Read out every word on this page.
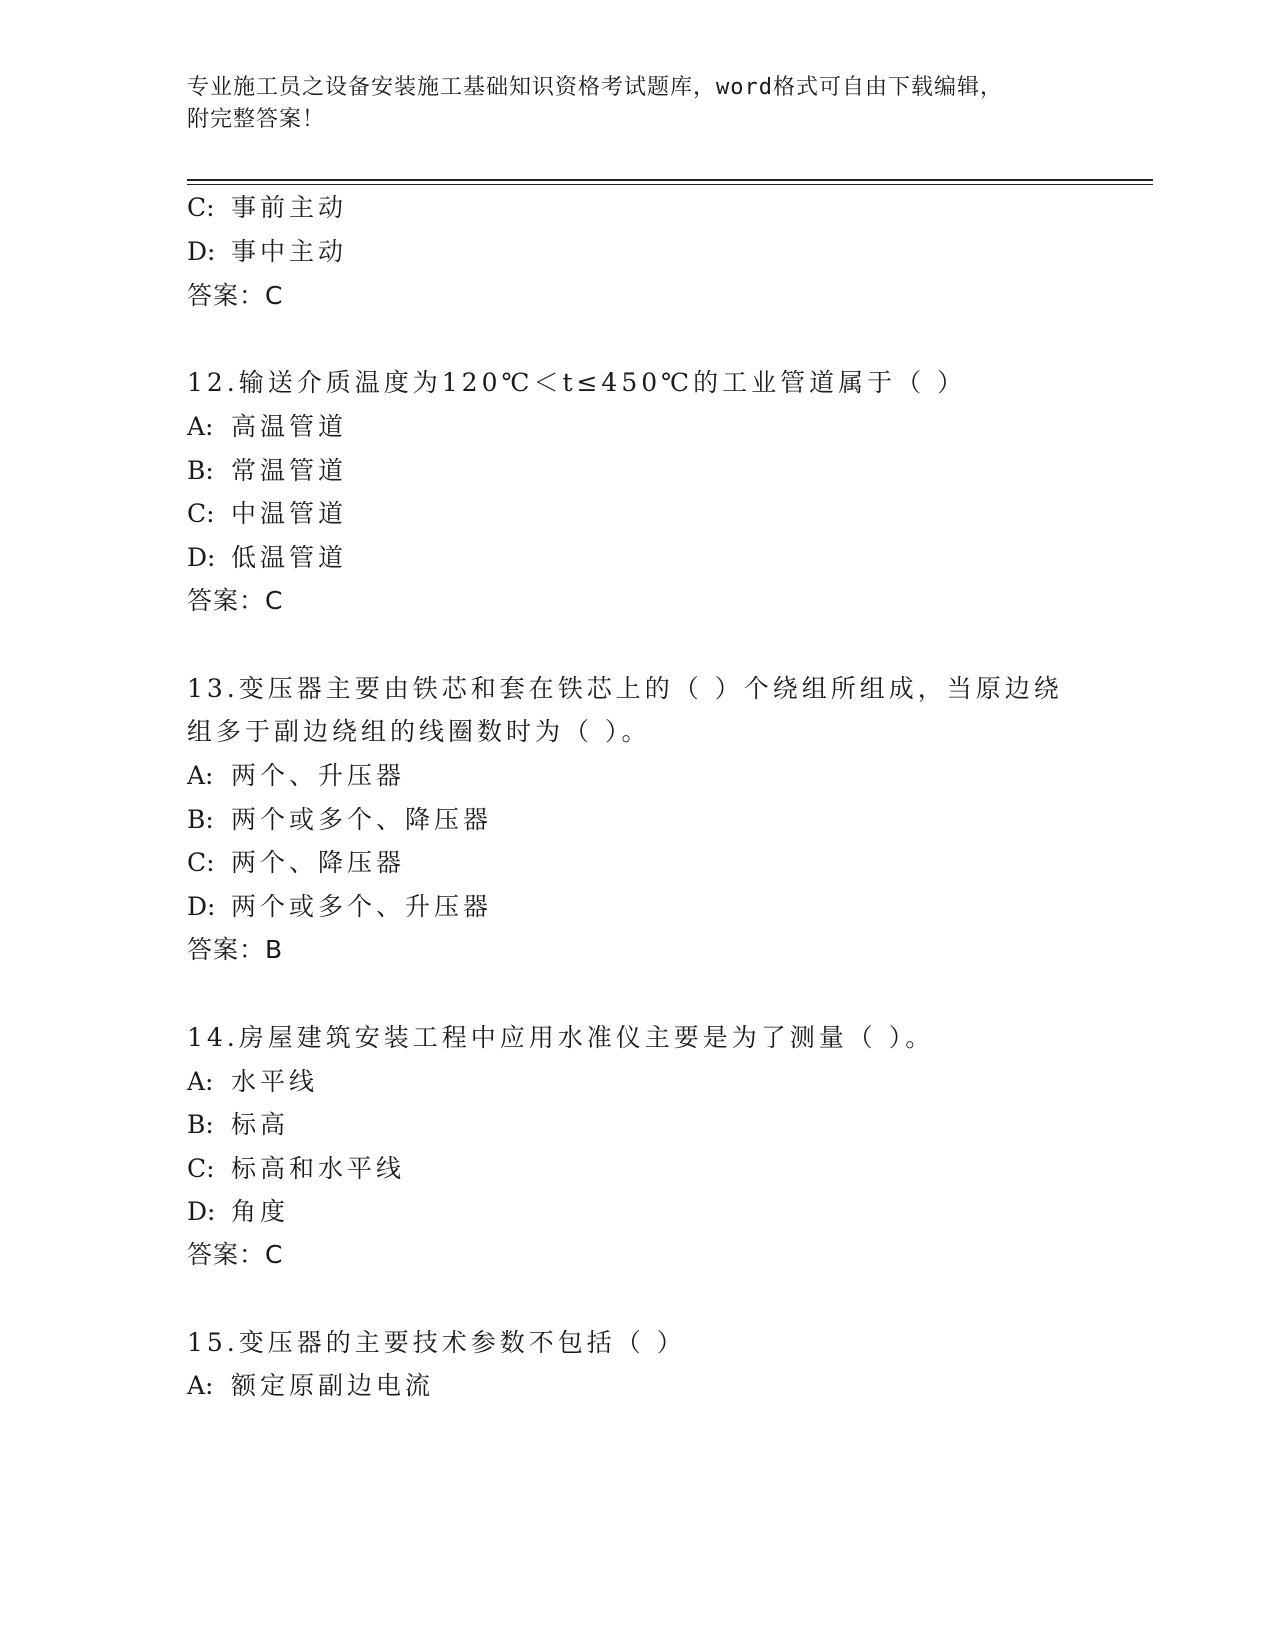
专业施工员之设备安装施工基础知识资格考试题库，word格式可自由下载编辑，
附完整答案！
C: 事前主动
D: 事中主动
答案：C
12.输送介质温度为120℃＜t≤450℃的工业管道属于（ ）
A: 高温管道
B: 常温管道
C: 中温管道
D: 低温管道
答案：C
13.变压器主要由铁芯和套在铁芯上的（ ）个绕组所组成，当原边绕
组多于副边绕组的线圈数时为（ ）。
A: 两个、升压器
B: 两个或多个、降压器
C: 两个、降压器
D: 两个或多个、升压器
答案：B
14.房屋建筑安装工程中应用水准仪主要是为了测量（ ）。
A: 水平线
B: 标高
C: 标高和水平线
D: 角度
答案：C
15.变压器的主要技术参数不包括（ ）
A: 额定原副边电流
